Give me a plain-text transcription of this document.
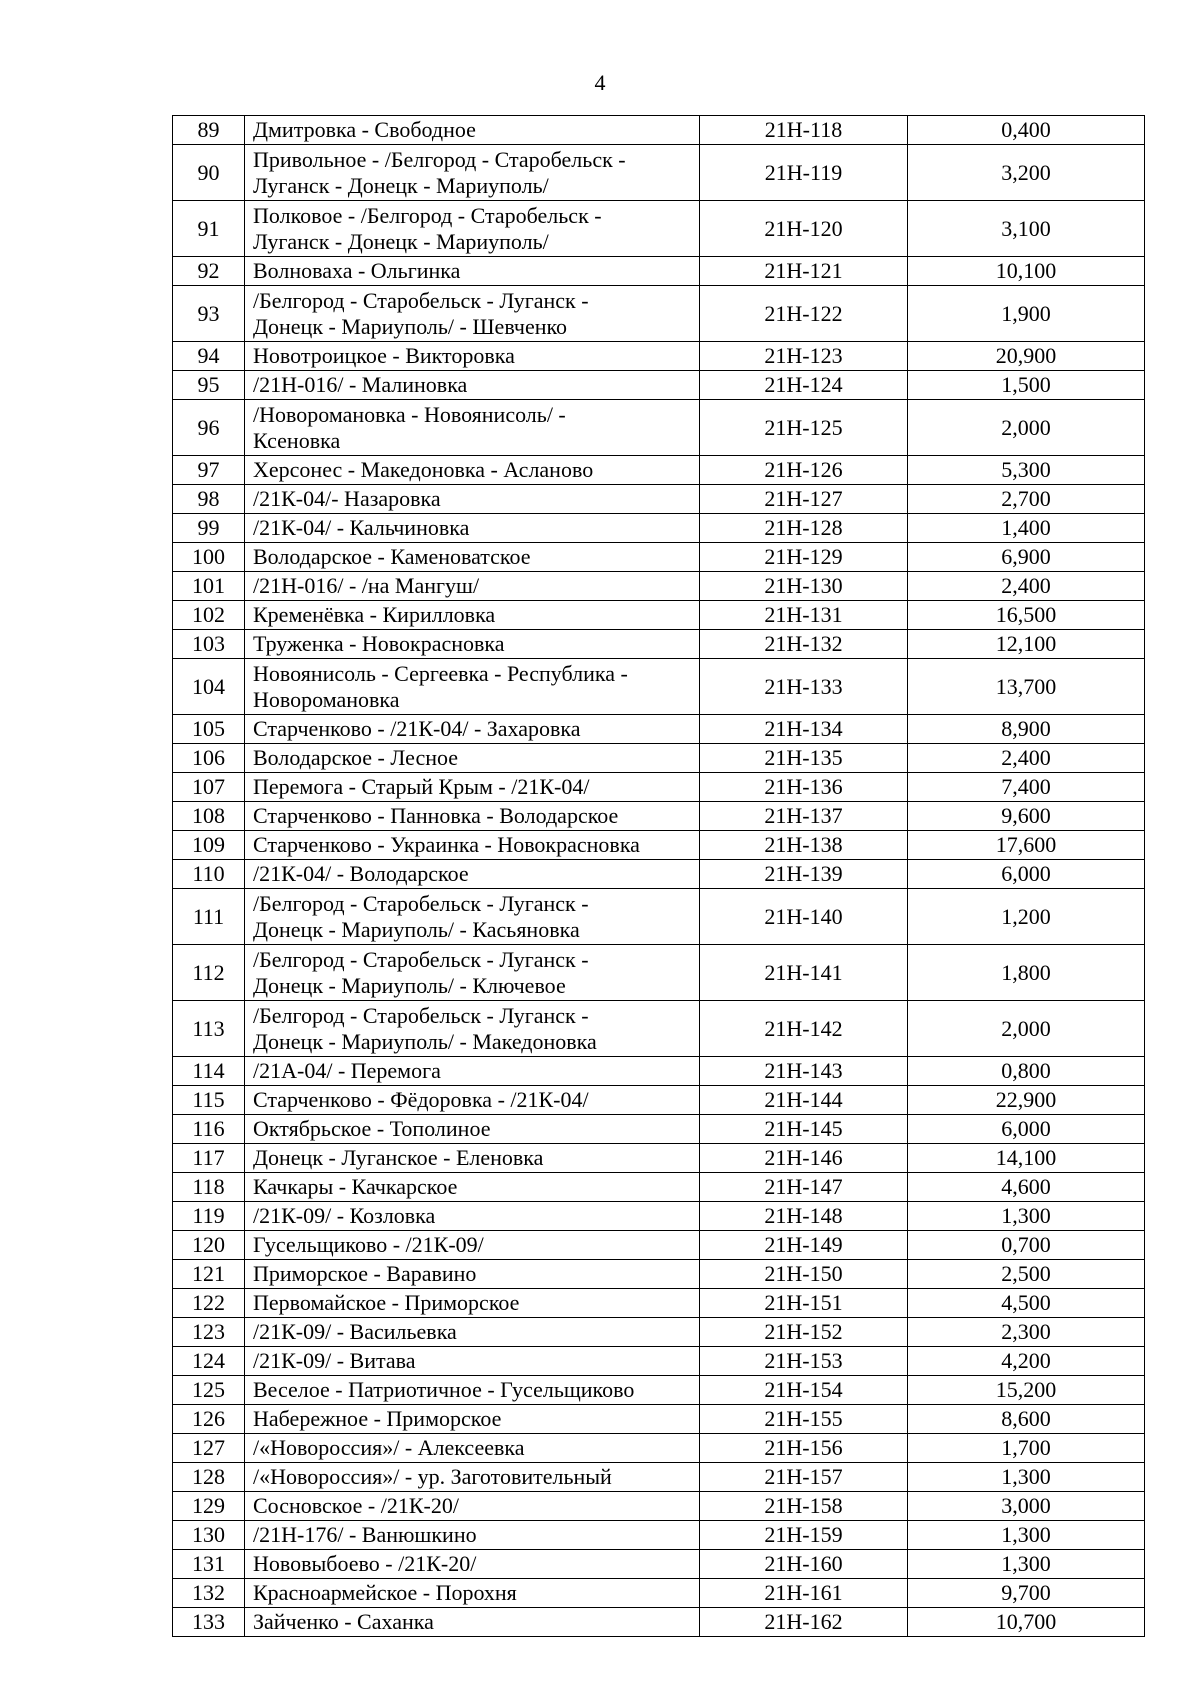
4
89	Дмитровка - Свободное	21Н-118	0,400
90	Привольное - /Белгород - Старобельск -
Луганск - Донецк - Мариуполь/	21Н-119	3,200
91	Полковое - /Белгород - Старобельск -
Луганск - Донецк - Мариуполь/	21Н-120	3,100
92	Волноваха - Ольгинка	21Н-121	10,100
93	/Белгород - Старобельск - Луганск -
Донецк - Мариуполь/ - Шевченко	21Н-122	1,900
94	Новотроицкое - Викторовка	21Н-123	20,900
95	/21Н-016/ - Малиновка	21Н-124	1,500
96	/Новоромановка - Новоянисоль/ -
Ксеновка	21Н-125	2,000
97	Херсонес - Македоновка - Асланово	21Н-126	5,300
98	/21К-04/- Назаровка	21Н-127	2,700
99	/21К-04/ - Кальчиновка	21Н-128	1,400
100	Володарское - Каменоватское	21Н-129	6,900
101	/21Н-016/ - /на Мангуш/	21Н-130	2,400
102	Кременёвка - Кирилловка	21Н-131	16,500
103	Труженка - Новокрасновка	21Н-132	12,100
104	Новоянисоль - Сергеевка - Республика -
Новоромановка	21Н-133	13,700
105	Старченково - /21К-04/ - Захаровка	21Н-134	8,900
106	Володарское - Лесное	21Н-135	2,400
107	Перемога - Старый Крым - /21К-04/	21Н-136	7,400
108	Старченково - Панновка - Володарское	21Н-137	9,600
109	Старченково - Украинка - Новокрасновка	21Н-138	17,600
110	/21К-04/ - Володарское	21Н-139	6,000
111	/Белгород - Старобельск - Луганск -
Донецк - Мариуполь/ - Касьяновка	21Н-140	1,200
112	/Белгород - Старобельск - Луганск -
Донецк - Мариуполь/ - Ключевое	21Н-141	1,800
113	/Белгород - Старобельск - Луганск -
Донецк - Мариуполь/ - Македоновка	21Н-142	2,000
114	/21А-04/ - Перемога	21Н-143	0,800
115	Старченково - Фёдоровка - /21К-04/	21Н-144	22,900
116	Октябрьское - Тополиное	21Н-145	6,000
117	Донецк - Луганское - Еленовка	21Н-146	14,100
118	Качкары - Качкарское	21Н-147	4,600
119	/21К-09/ - Козловка	21Н-148	1,300
120	Гусельщиково - /21К-09/	21Н-149	0,700
121	Приморское - Варавино	21Н-150	2,500
122	Первомайское - Приморское	21Н-151	4,500
123	/21К-09/ - Васильевка	21Н-152	2,300
124	/21К-09/ - Витава	21Н-153	4,200
125	Веселое - Патриотичное - Гусельщиково	21Н-154	15,200
126	Набережное - Приморское	21Н-155	8,600
127	/«Новороссия»/ - Алексеевка	21Н-156	1,700
128	/«Новороссия»/ - ур. Заготовительный	21Н-157	1,300
129	Сосновское - /21К-20/	21Н-158	3,000
130	/21Н-176/ - Ванюшкино	21Н-159	1,300
131	Нововыбоево - /21К-20/	21Н-160	1,300
132	Красноармейское - Порохня	21Н-161	9,700
133	Зайченко - Саханка	21Н-162	10,700
